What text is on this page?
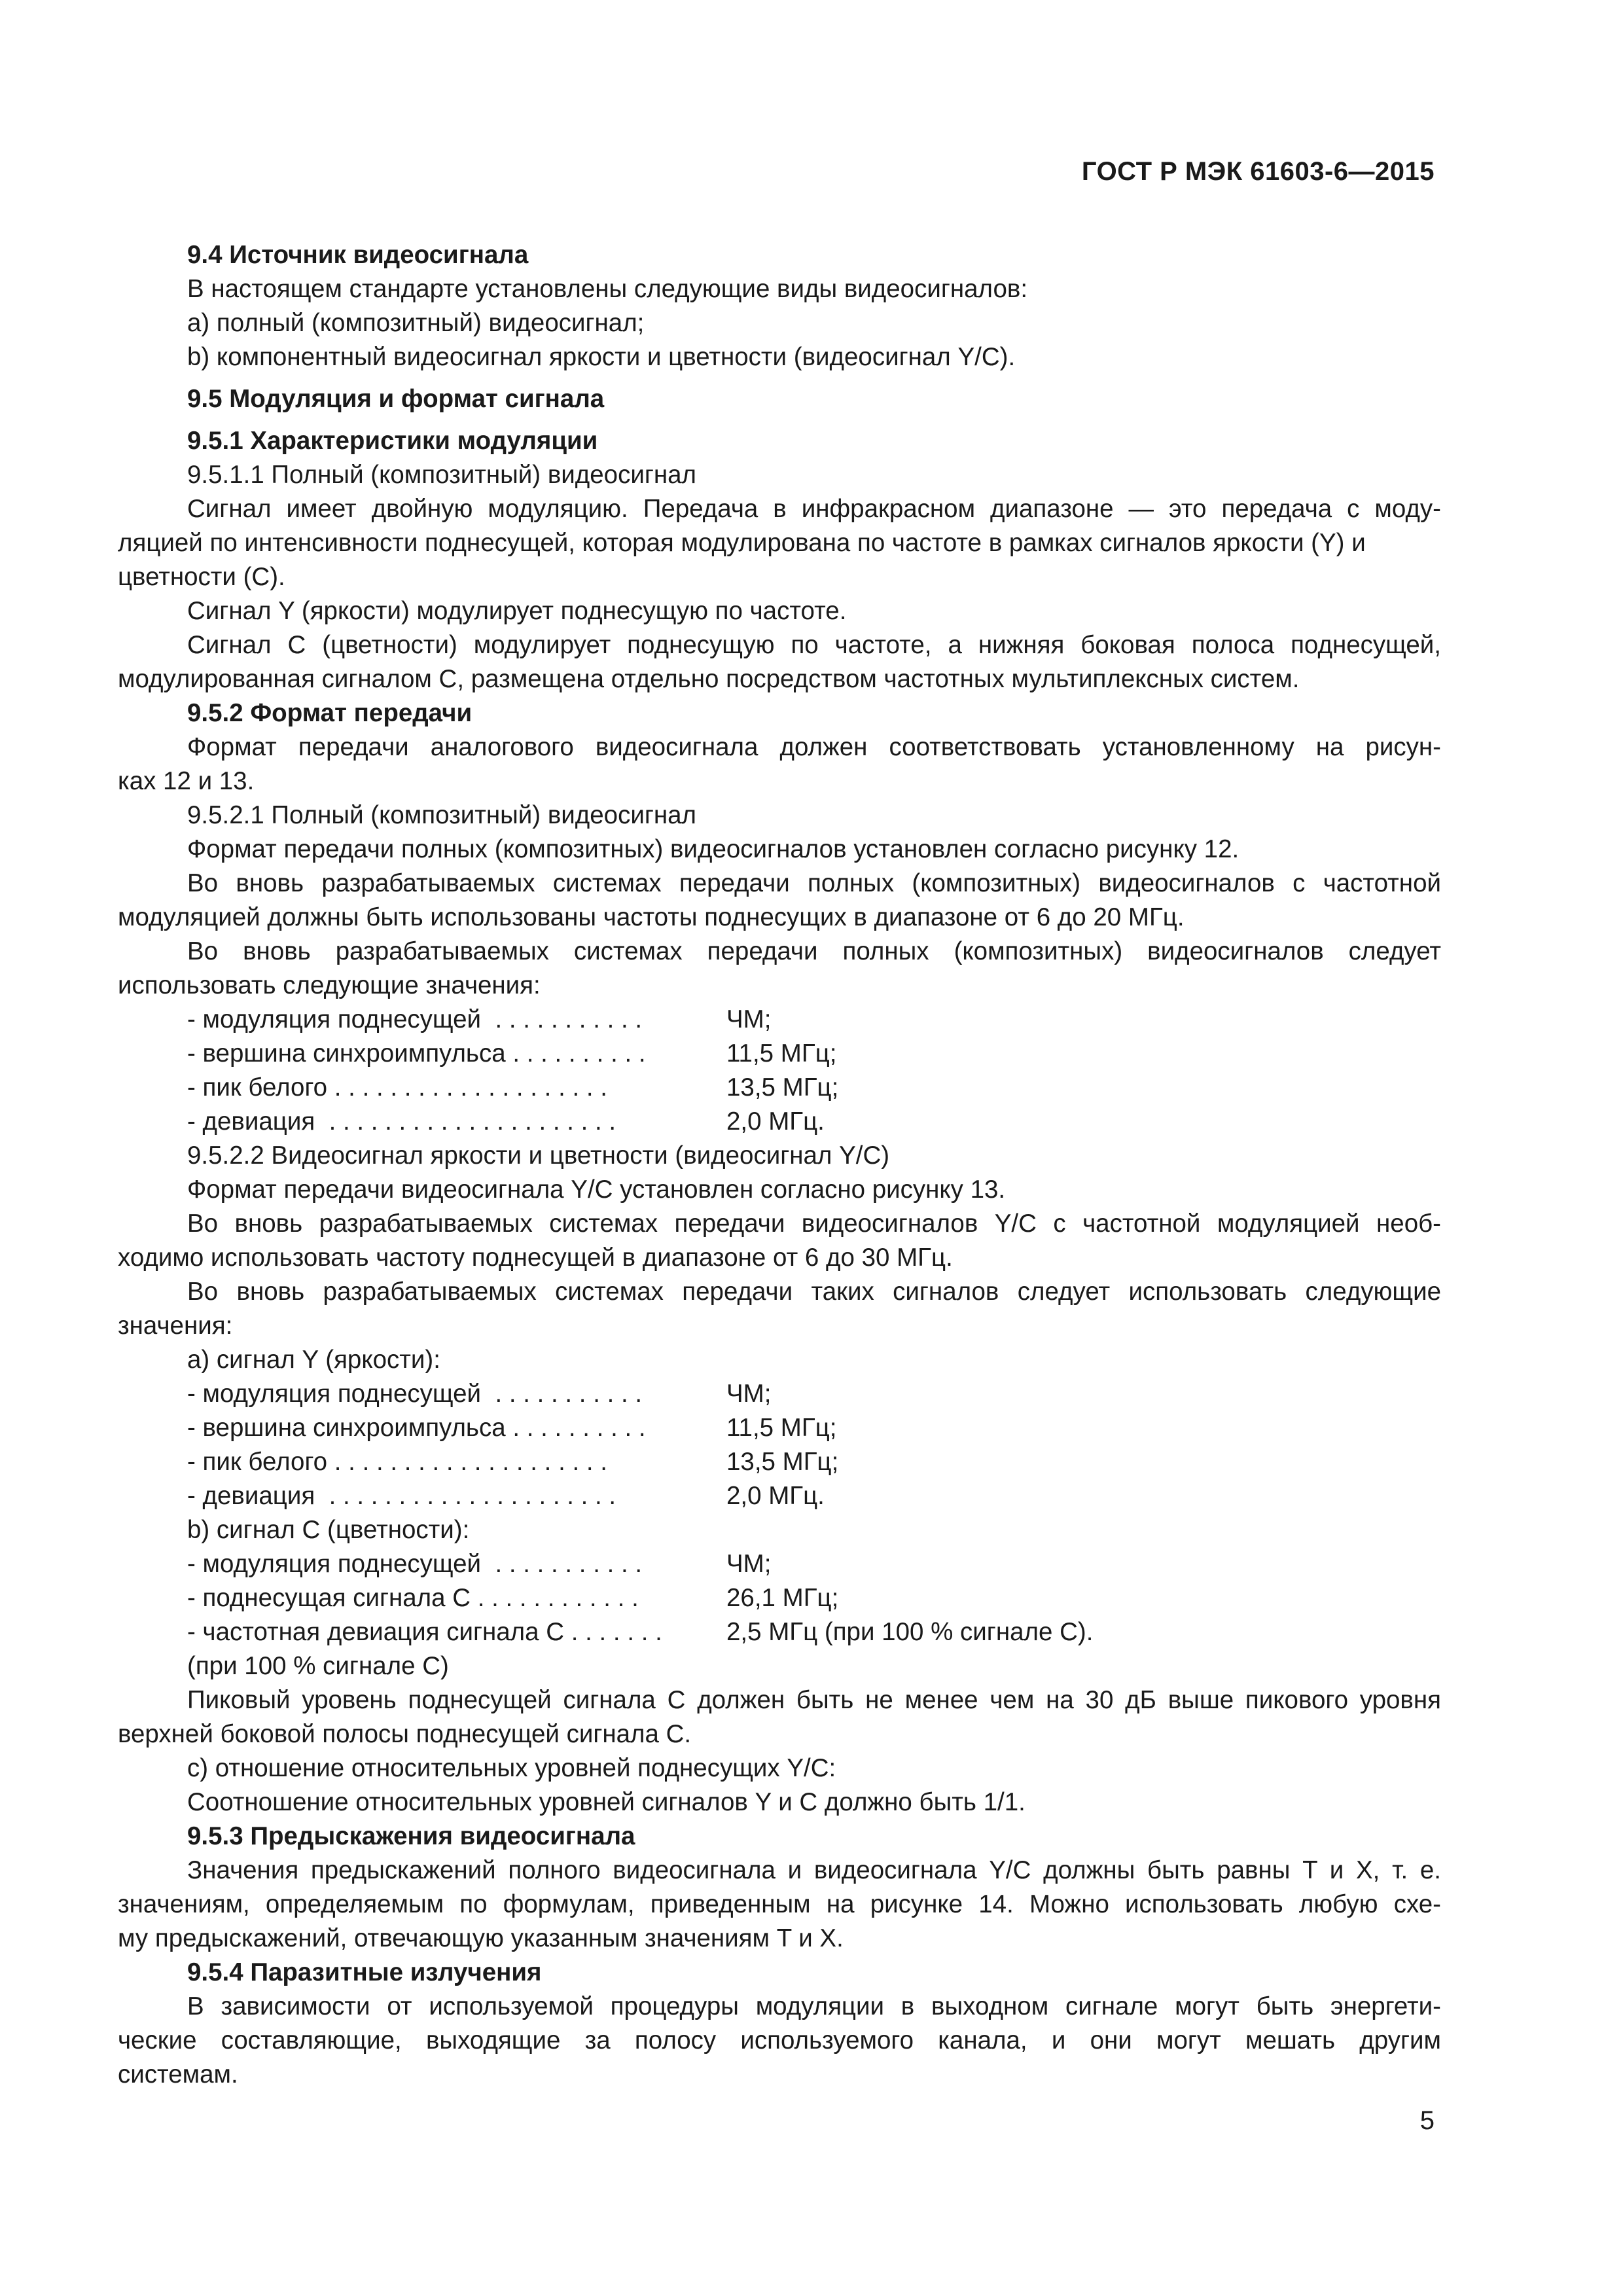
ГОСТ Р МЭК 61603-6—2015

9.4 Источник видеосигнала

В настоящем стандарте установлены следующие виды видеосигналов:

a) полный (композитный) видеосигнал;

b) компонентный видеосигнал яркости и цветности (видеосигнал Y/C).

9.5 Модуляция и формат сигнала

9.5.1 Характеристики модуляции

9.5.1.1 Полный (композитный) видеосигнал

Сигнал имеет двойную модуляцию. Передача в инфракрасном диапазоне — это передача с моду-

ляцией по интенсивности поднесущей, которая модулирована по частоте в рамках сигналов яркости (Y) и

цветности (C).

Сигнал Y (яркости) модулирует поднесущую по частоте.

Сигнал C (цветности) модулирует поднесущую по частоте, а нижняя боковая полоса поднесущей,

модулированная сигналом C, размещена отдельно посредством частотных мультиплексных систем.

9.5.2 Формат передачи

Формат передачи аналогового видеосигнала должен соответствовать установленному на рисун-

ках 12 и 13.

9.5.2.1 Полный (композитный) видеосигнал

Формат передачи полных (композитных) видеосигналов установлен согласно рисунку 12.

Во вновь разрабатываемых системах передачи полных (композитных) видеосигналов с частотной

модуляцией должны быть использованы частоты поднесущих в диапазоне от 6 до 20 МГц.

Во вновь разрабатываемых системах передачи полных (композитных) видеосигналов следует

использовать следующие значения:

- модуляция поднесущей  . . . . . . . . . . .	ЧМ;
- вершина синхроимпульса . . . . . . . . . .	11,5 МГц;
- пик белого . . . . . . . . . . . . . . . . . . . .	13,5 МГц;
- девиация  . . . . . . . . . . . . . . . . . . . . .	2,0 МГц.

9.5.2.2 Видеосигнал яркости и цветности (видеосигнал Y/C)

Формат передачи видеосигнала Y/C установлен согласно рисунку 13.

Во вновь разрабатываемых системах передачи видеосигналов Y/C с частотной модуляцией необ-

ходимо использовать частоту поднесущей в диапазоне от 6 до 30 МГц.

Во вновь разрабатываемых системах передачи таких сигналов следует использовать следующие

значения:

a) сигнал Y (яркости):

- модуляция поднесущей  . . . . . . . . . . .	ЧМ;
- вершина синхроимпульса . . . . . . . . . .	11,5 МГц;
- пик белого . . . . . . . . . . . . . . . . . . . .	13,5 МГц;
- девиация  . . . . . . . . . . . . . . . . . . . . .	2,0 МГц.

b) сигнал C (цветности):

- модуляция поднесущей  . . . . . . . . . . .	ЧМ;
- поднесущая сигнала C . . . . . . . . . . . .	26,1 МГц;
- частотная девиация сигнала C . . . . . . .	2,5 МГц (при 100 % сигнале C).

(при 100 % сигнале C)

Пиковый уровень поднесущей сигнала C должен быть не менее чем на 30 дБ выше пикового уровня

верхней боковой полосы поднесущей сигнала C.

c) отношение относительных уровней поднесущих Y/C:

Соотношение относительных уровней сигналов Y и C должно быть 1/1.

9.5.3 Предыскажения видеосигнала

Значения предыскажений полного видеосигнала и видеосигнала Y/C должны быть равны T и X, т. е.

значениям, определяемым по формулам, приведенным на рисунке 14. Можно использовать любую схе-

му предыскажений, отвечающую указанным значениям T и X.

9.5.4 Паразитные излучения

В зависимости от используемой процедуры модуляции в выходном сигнале могут быть энергети-

ческие составляющие, выходящие за полосу используемого канала, и они могут мешать другим

системам.

5
